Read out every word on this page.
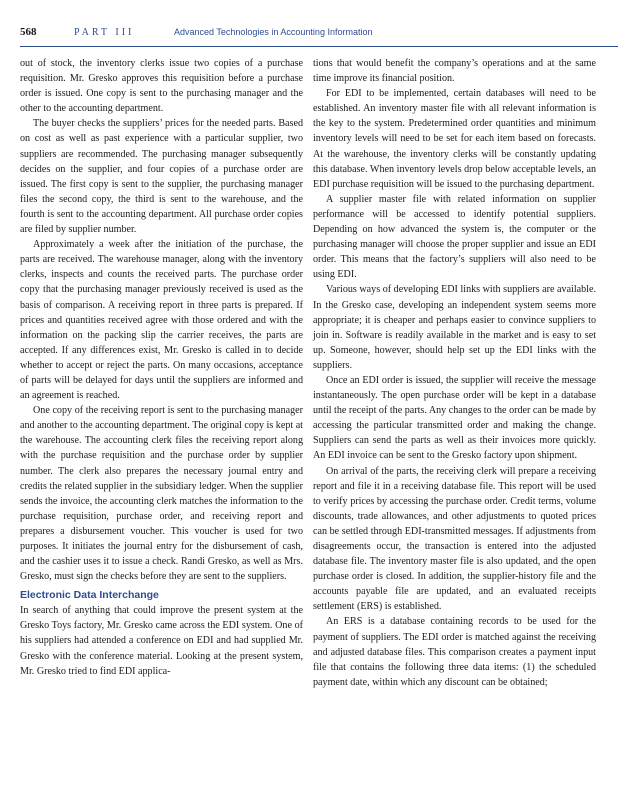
568	PART III	Advanced Technologies in Accounting Information

out of stock, the inventory clerks issue two copies of a purchase requisition. Mr. Gresko approves this requisition before a purchase order is issued. One copy is sent to the purchasing manager and the other to the accounting department.

The buyer checks the suppliers’ prices for the needed parts. Based on cost as well as past experience with a particular supplier, two suppliers are recommended. The purchasing manager subsequently decides on the supplier, and four copies of a purchase order are issued. The first copy is sent to the supplier, the purchasing manager files the second copy, the third is sent to the warehouse, and the fourth is sent to the accounting department. All purchase order copies are filed by supplier number.

Approximately a week after the initiation of the purchase, the parts are received. The warehouse manager, along with the inventory clerks, inspects and counts the received parts. The purchase order copy that the purchasing manager previously received is used as the basis of comparison. A receiving report in three parts is prepared. If prices and quantities received agree with those ordered and with the information on the packing slip the carrier receives, the parts are accepted. If any differences exist, Mr. Gresko is called in to decide whether to accept or reject the parts. On many occasions, acceptance of parts will be delayed for days until the suppliers are informed and an agreement is reached.

One copy of the receiving report is sent to the purchasing manager and another to the accounting department. The original copy is kept at the warehouse. The accounting clerk files the receiving report along with the purchase requisition and the purchase order by supplier number. The clerk also prepares the necessary journal entry and credits the related supplier in the subsidiary ledger. When the supplier sends the invoice, the accounting clerk matches the information to the purchase requisition, purchase order, and receiving report and prepares a disbursement voucher. This voucher is used for two purposes. It initiates the journal entry for the disbursement of cash, and the cashier uses it to issue a check. Randi Gresko, as well as Mrs. Gresko, must sign the checks before they are sent to the suppliers.

Electronic Data Interchange

In search of anything that could improve the present system at the Gresko Toys factory, Mr. Gresko came across the EDI system. One of his suppliers had attended a conference on EDI and had supplied Mr. Gresko with the conference material. Looking at the present system, Mr. Gresko tried to find EDI applica-

tions that would benefit the company’s operations and at the same time improve its financial position.

For EDI to be implemented, certain databases will need to be established. An inventory master file with all relevant information is the key to the system. Predetermined order quantities and minimum inventory levels will need to be set for each item based on forecasts. At the warehouse, the inventory clerks will be constantly updating this database. When inventory levels drop below acceptable levels, an EDI purchase requisition will be issued to the purchasing department.

A supplier master file with related information on supplier performance will be accessed to identify potential suppliers. Depending on how advanced the system is, the computer or the purchasing manager will choose the proper supplier and issue an EDI order. This means that the factory’s suppliers will also need to be using EDI.

Various ways of developing EDI links with suppliers are available. In the Gresko case, developing an independent system seems more appropriate; it is cheaper and perhaps easier to convince suppliers to join in. Software is readily available in the market and is easy to set up. Someone, however, should help set up the EDI links with the suppliers.

Once an EDI order is issued, the supplier will receive the message instantaneously. The open purchase order will be kept in a database until the receipt of the parts. Any changes to the order can be made by accessing the particular transmitted order and making the change. Suppliers can send the parts as well as their invoices more quickly. An EDI invoice can be sent to the Gresko factory upon shipment.

On arrival of the parts, the receiving clerk will prepare a receiving report and file it in a receiving database file. This report will be used to verify prices by accessing the purchase order. Credit terms, volume discounts, trade allowances, and other adjustments to quoted prices can be settled through EDI-transmitted messages. If adjustments from disagreements occur, the transaction is entered into the adjusted database file. The inventory master file is also updated, and the open purchase order is closed. In addition, the supplier-history file and the accounts payable file are updated, and an evaluated receipts settlement (ERS) is established.

An ERS is a database containing records to be used for the payment of suppliers. The EDI order is matched against the receiving and adjusted database files. This comparison creates a payment input file that contains the following three data items: (1) the scheduled payment date, within which any discount can be obtained;
